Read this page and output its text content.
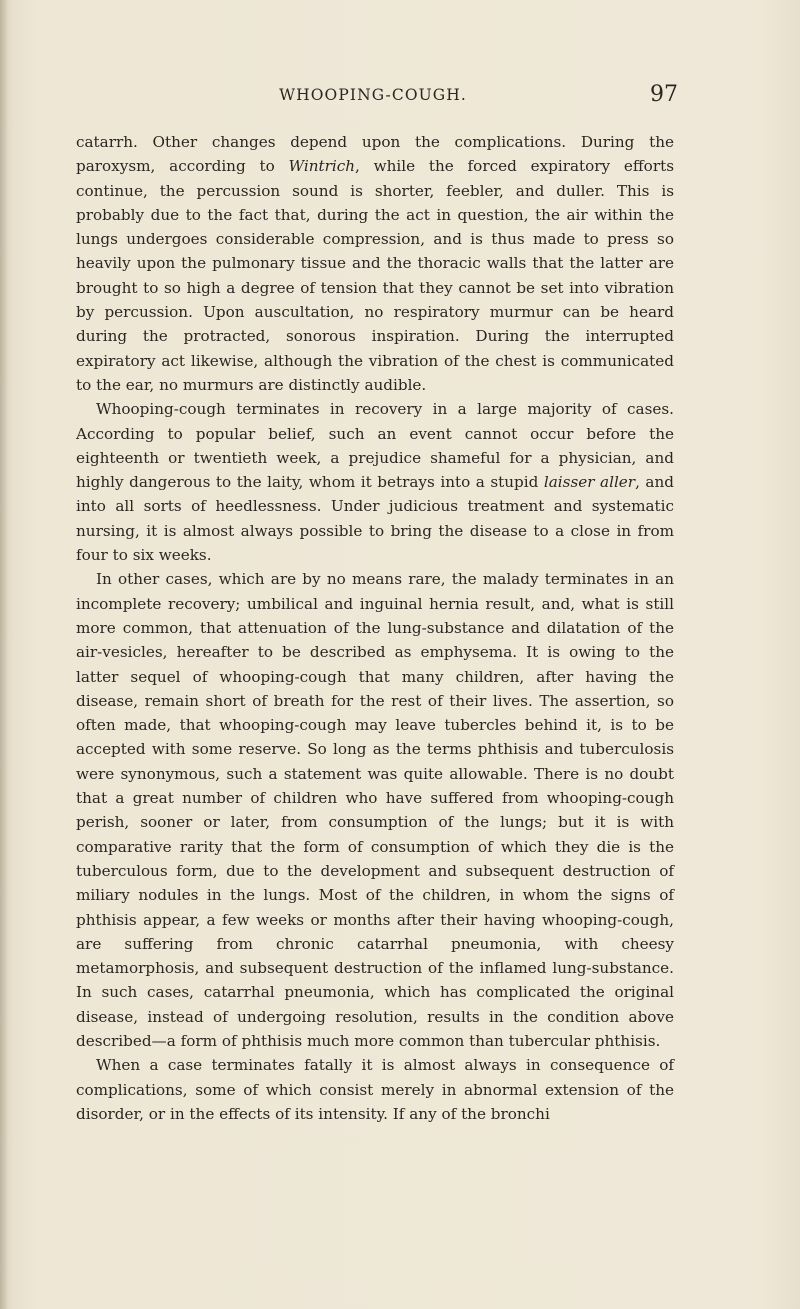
WHOOPING-COUGH.	97

catarrh. Other changes depend upon the complications. During the paroxysm, according to Wintrich, while the forced expiratory efforts continue, the percussion sound is shorter, feebler, and duller. This is probably due to the fact that, during the act in question, the air within the lungs undergoes considerable compression, and is thus made to press so heavily upon the pulmonary tissue and the thoracic walls that the latter are brought to so high a degree of tension that they cannot be set into vibration by percussion. Upon auscultation, no respiratory murmur can be heard during the protracted, sonorous inspiration. During the interrupted expiratory act likewise, although the vibration of the chest is communicated to the ear, no murmurs are distinctly audible.

Whooping-cough terminates in recovery in a large majority of cases. According to popular belief, such an event cannot occur before the eighteenth or twentieth week, a prejudice shameful for a physician, and highly dangerous to the laity, whom it betrays into a stupid laisser aller, and into all sorts of heedlessness. Under judicious treatment and systematic nursing, it is almost always possible to bring the disease to a close in from four to six weeks.

In other cases, which are by no means rare, the malady terminates in an incomplete recovery; umbilical and inguinal hernia result, and, what is still more common, that attenuation of the lung-substance and dilatation of the air-vesicles, hereafter to be described as emphysema. It is owing to the latter sequel of whooping-cough that many children, after having the disease, remain short of breath for the rest of their lives. The assertion, so often made, that whooping-cough may leave tubercles behind it, is to be accepted with some reserve. So long as the terms phthisis and tuberculosis were synonymous, such a statement was quite allowable. There is no doubt that a great number of children who have suffered from whooping-cough perish, sooner or later, from consumption of the lungs; but it is with comparative rarity that the form of consumption of which they die is the tuberculous form, due to the development and subsequent destruction of miliary nodules in the lungs. Most of the children, in whom the signs of phthisis appear, a few weeks or months after their having whooping-cough, are suffering from chronic catarrhal pneumonia, with cheesy metamorphosis, and subsequent destruction of the inflamed lung-substance. In such cases, catarrhal pneumonia, which has complicated the original disease, instead of undergoing resolution, results in the condition above described—a form of phthisis much more common than tubercular phthisis.

When a case terminates fatally it is almost always in consequence of complications, some of which consist merely in abnormal extension of the disorder, or in the effects of its intensity. If any of the bronchi
